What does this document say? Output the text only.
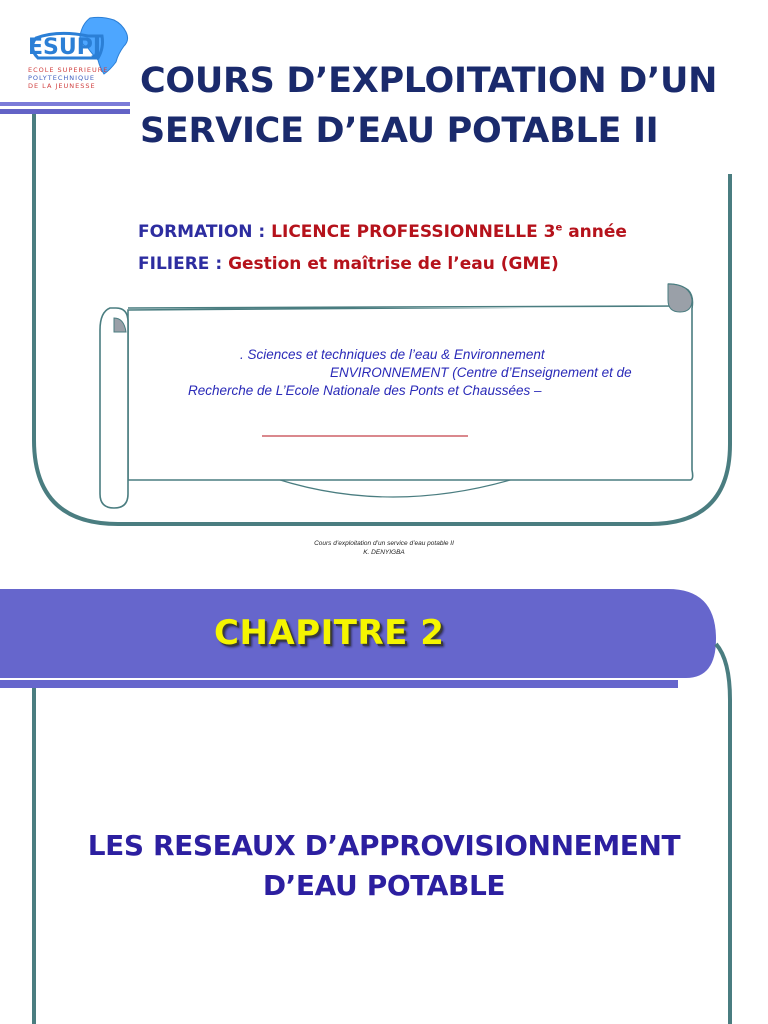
ESUPJ
ECOLE SUPERIEURE
POLYTECHNIQUE
DE LA JEUNESSE COURS D’EXPLOITATION D’UN
SERVICE D’EAU POTABLE II
FORMATION : LICENCE PROFESSIONNELLE 3e année
FILIERE : Gestion et maîtrise de l’eau (GME)
. Sciences et techniques de l’eau & Environnement
ENVIRONNEMENT (Centre d’Enseignement et de
Recherche de L’Ecole Nationale des Ponts et Chaussées –
Cours d’exploitation d’un service d’eau potable II
K. DENYIGBA
CHAPITRE 2
LES RESEAUX D’APPROVISIONNEMENT
D’EAU POTABLE
